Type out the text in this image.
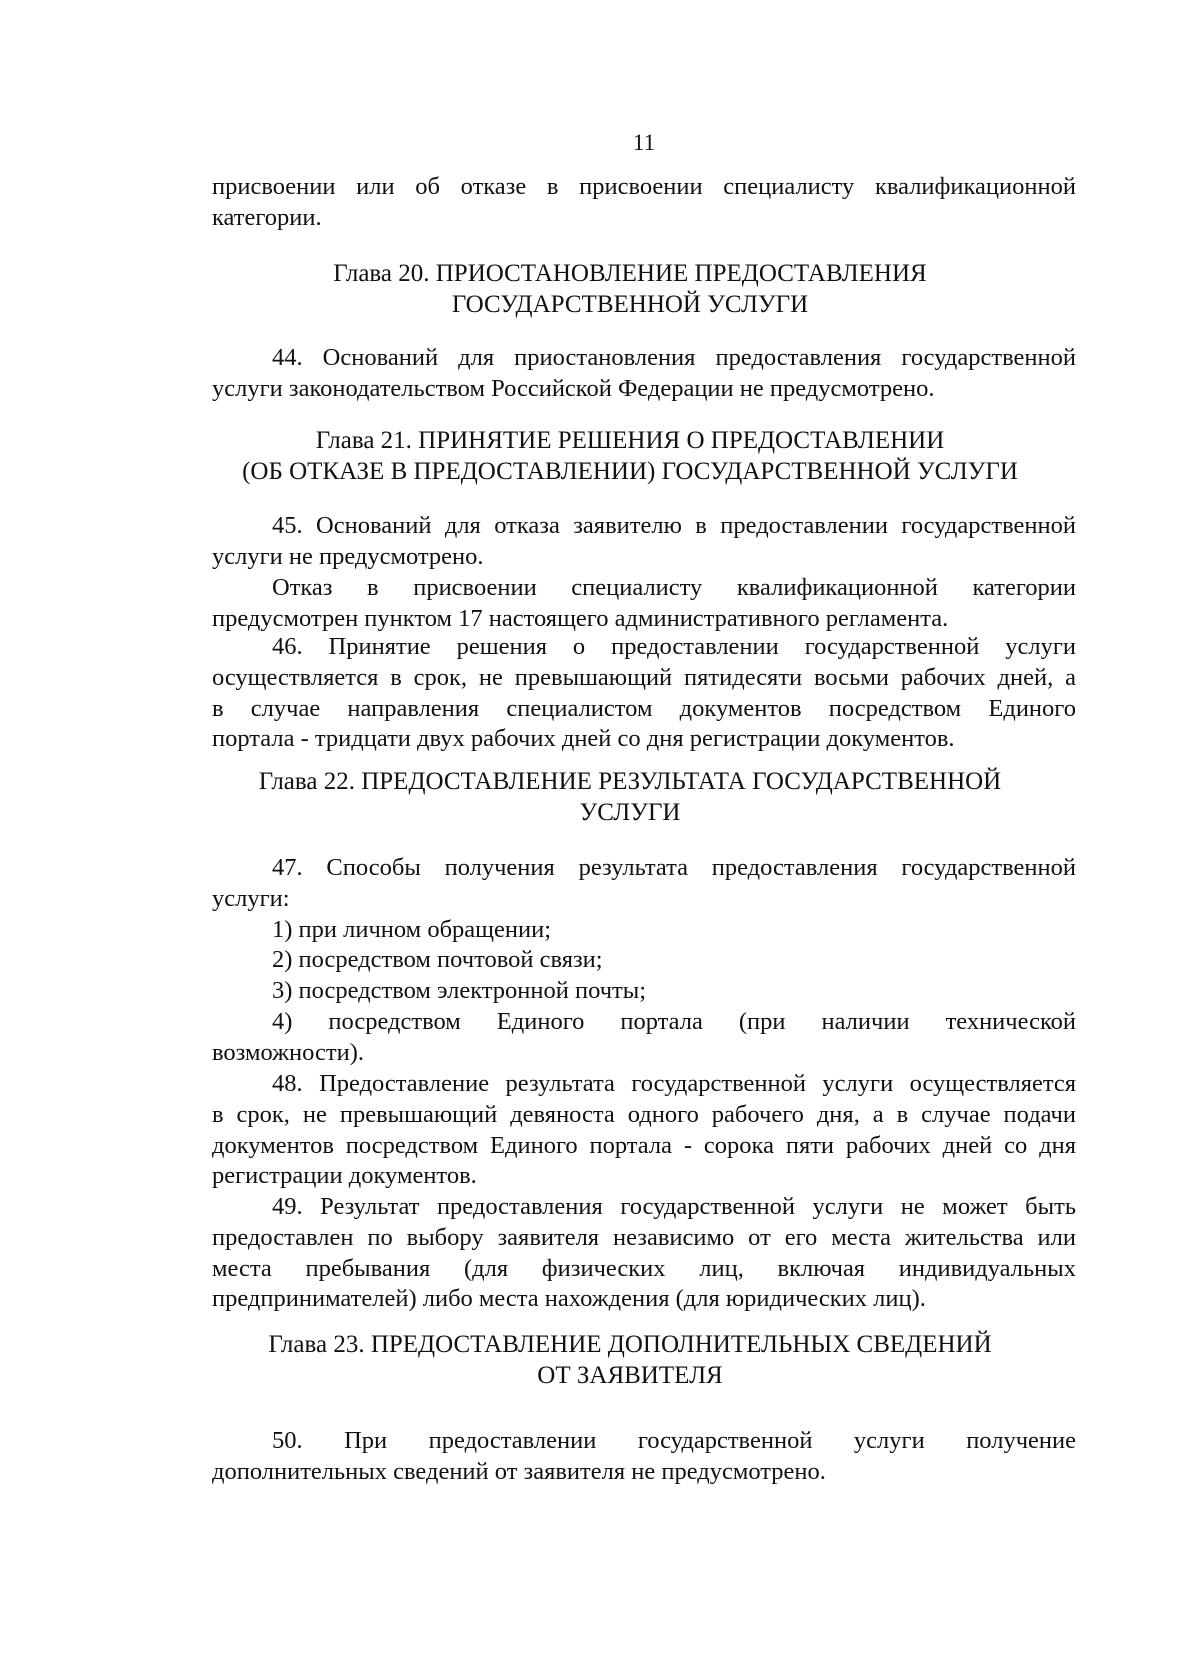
11
присвоении или об отказе в присвоении специалисту квалификационной
категории.
Глава 20. ПРИОСТАНОВЛЕНИЕ ПРЕДОСТАВЛЕНИЯ
ГОСУДАРСТВЕННОЙ УСЛУГИ
44. Оснований для приостановления предоставления государственной
услуги законодательством Российской Федерации не предусмотрено.
Глава 21. ПРИНЯТИЕ РЕШЕНИЯ О ПРЕДОСТАВЛЕНИИ
(ОБ ОТКАЗЕ В ПРЕДОСТАВЛЕНИИ) ГОСУДАРСТВЕННОЙ УСЛУГИ
45. Оснований для отказа заявителю в предоставлении государственной
услуги не предусмотрено.
Отказ в присвоении специалисту квалификационной категории
предусмотрен пунктом 17 настоящего административного регламента.
46. Принятие решения о предоставлении государственной услуги
осуществляется в срок, не превышающий пятидесяти восьми рабочих дней, а
в случае направления специалистом документов посредством Единого
портала - тридцати двух рабочих дней со дня регистрации документов.
Глава 22. ПРЕДОСТАВЛЕНИЕ РЕЗУЛЬТАТА ГОСУДАРСТВЕННОЙ
УСЛУГИ
47. Способы получения результата предоставления государственной
услуги:
1) при личном обращении;
2) посредством почтовой связи;
3) посредством электронной почты;
4) посредством Единого портала (при наличии технической
возможности).
48. Предоставление результата государственной услуги осуществляется
в срок, не превышающий девяноста одного рабочего дня, а в случае подачи
документов посредством Единого портала - сорока пяти рабочих дней со дня
регистрации документов.
49. Результат предоставления государственной услуги не может быть
предоставлен по выбору заявителя независимо от его места жительства или
места пребывания (для физических лиц, включая индивидуальных
предпринимателей) либо места нахождения (для юридических лиц).
Глава 23. ПРЕДОСТАВЛЕНИЕ ДОПОЛНИТЕЛЬНЫХ СВЕДЕНИЙ
ОТ ЗАЯВИТЕЛЯ
50. При предоставлении государственной услуги получение
дополнительных сведений от заявителя не предусмотрено.
